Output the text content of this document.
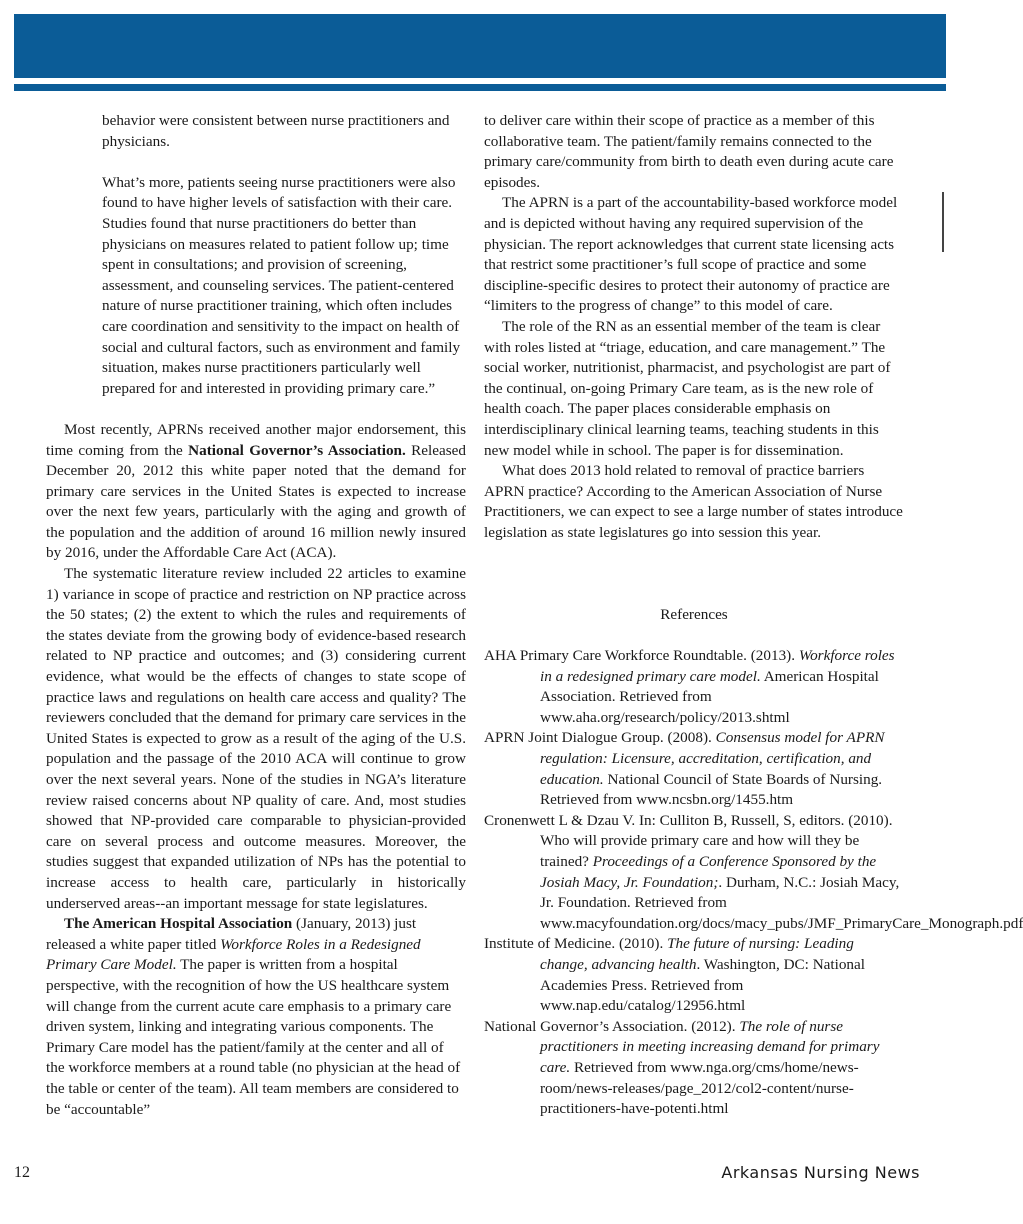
behavior were consistent between nurse practitioners and physicians.

What’s more, patients seeing nurse practitioners were also found to have higher levels of satisfaction with their care. Studies found that nurse practitioners do better than physicians on measures related to patient follow up; time spent in consultations; and provision of screening, assessment, and counseling services. The patient-centered nature of nurse practitioner training, which often includes care coordination and sensitivity to the impact on health of social and cultural factors, such as environment and family situation, makes nurse practitioners particularly well prepared for and interested in providing primary care.”

Most recently, APRNs received another major endorsement, this time coming from the National Governor’s Association. Released December 20, 2012 this white paper noted that the demand for primary care services in the United States is expected to increase over the next few years, particularly with the aging and growth of the population and the addition of around 16 million newly insured by 2016, under the Affordable Care Act (ACA).

The systematic literature review included 22 articles to examine 1) variance in scope of practice and restriction on NP practice across the 50 states; (2) the extent to which the rules and requirements of the states deviate from the growing body of evidence-based research related to NP practice and outcomes; and (3) considering current evidence, what would be the effects of changes to state scope of practice laws and regulations on health care access and quality? The reviewers concluded that the demand for primary care services in the United States is expected to grow as a result of the aging of the U.S. population and the passage of the 2010 ACA will continue to grow over the next several years. None of the studies in NGA’s literature review raised concerns about NP quality of care. And, most studies showed that NP-provided care comparable to physician-provided care on several process and outcome measures. Moreover, the studies suggest that expanded utilization of NPs has the potential to increase access to health care, particularly in historically underserved areas--an important message for state legislatures.

The American Hospital Association (January, 2013) just released a white paper titled Workforce Roles in a Redesigned Primary Care Model. The paper is written from a hospital perspective, with the recognition of how the US healthcare system will change from the current acute care emphasis to a primary care driven system, linking and integrating various components. The Primary Care model has the patient/family at the center and all of the workforce members at a round table (no physician at the head of the table or center of the team). All team members are considered to be “accountable”

to deliver care within their scope of practice as a member of this collaborative team. The patient/family remains connected to the primary care/community from birth to death even during acute care episodes.

The APRN is a part of the accountability-based workforce model and is depicted without having any required supervision of the physician. The report acknowledges that current state licensing acts that restrict some practitioner’s full scope of practice and some discipline-specific desires to protect their autonomy of practice are “limiters to the progress of change” to this model of care.

The role of the RN as an essential member of the team is clear with roles listed at “triage, education, and care management.” The social worker, nutritionist, pharmacist, and psychologist are part of the continual, on-going Primary Care team, as is the new role of health coach. The paper places considerable emphasis on interdisciplinary clinical learning teams, teaching students in this new model while in school. The paper is for dissemination.

What does 2013 hold related to removal of practice barriers APRN practice? According to the American Association of Nurse Practitioners, we can expect to see a large number of states introduce legislation as state legislatures go into session this year.

References

AHA Primary Care Workforce Roundtable. (2013). Workforce roles in a redesigned primary care model. American Hospital Association. Retrieved from www.aha.org/research/policy/2013.shtml

APRN Joint Dialogue Group. (2008). Consensus model for APRN regulation: Licensure, accreditation, certification, and education. National Council of State Boards of Nursing. Retrieved from www.ncsbn.org/1455.htm

Cronenwett L & Dzau V. In: Culliton B, Russell, S, editors. (2010). Who will provide primary care and how will they be trained? Proceedings of a Conference Sponsored by the Josiah Macy, Jr. Foundation;. Durham, N.C.: Josiah Macy, Jr. Foundation. Retrieved from www.macyfoundation.org/docs/macy_pubs/JMF_PrimaryCare_Monograph.pdf

Institute of Medicine. (2010). The future of nursing: Leading change, advancing health. Washington, DC: National Academies Press. Retrieved from www.nap.edu/catalog/12956.html

National Governor’s Association. (2012). The role of nurse practitioners in meeting increasing demand for primary care. Retrieved from www.nga.org/cms/home/news-room/news-releases/page_2012/col2-content/nurse-practitioners-have-potenti.html

12	Arkansas Nursing News
